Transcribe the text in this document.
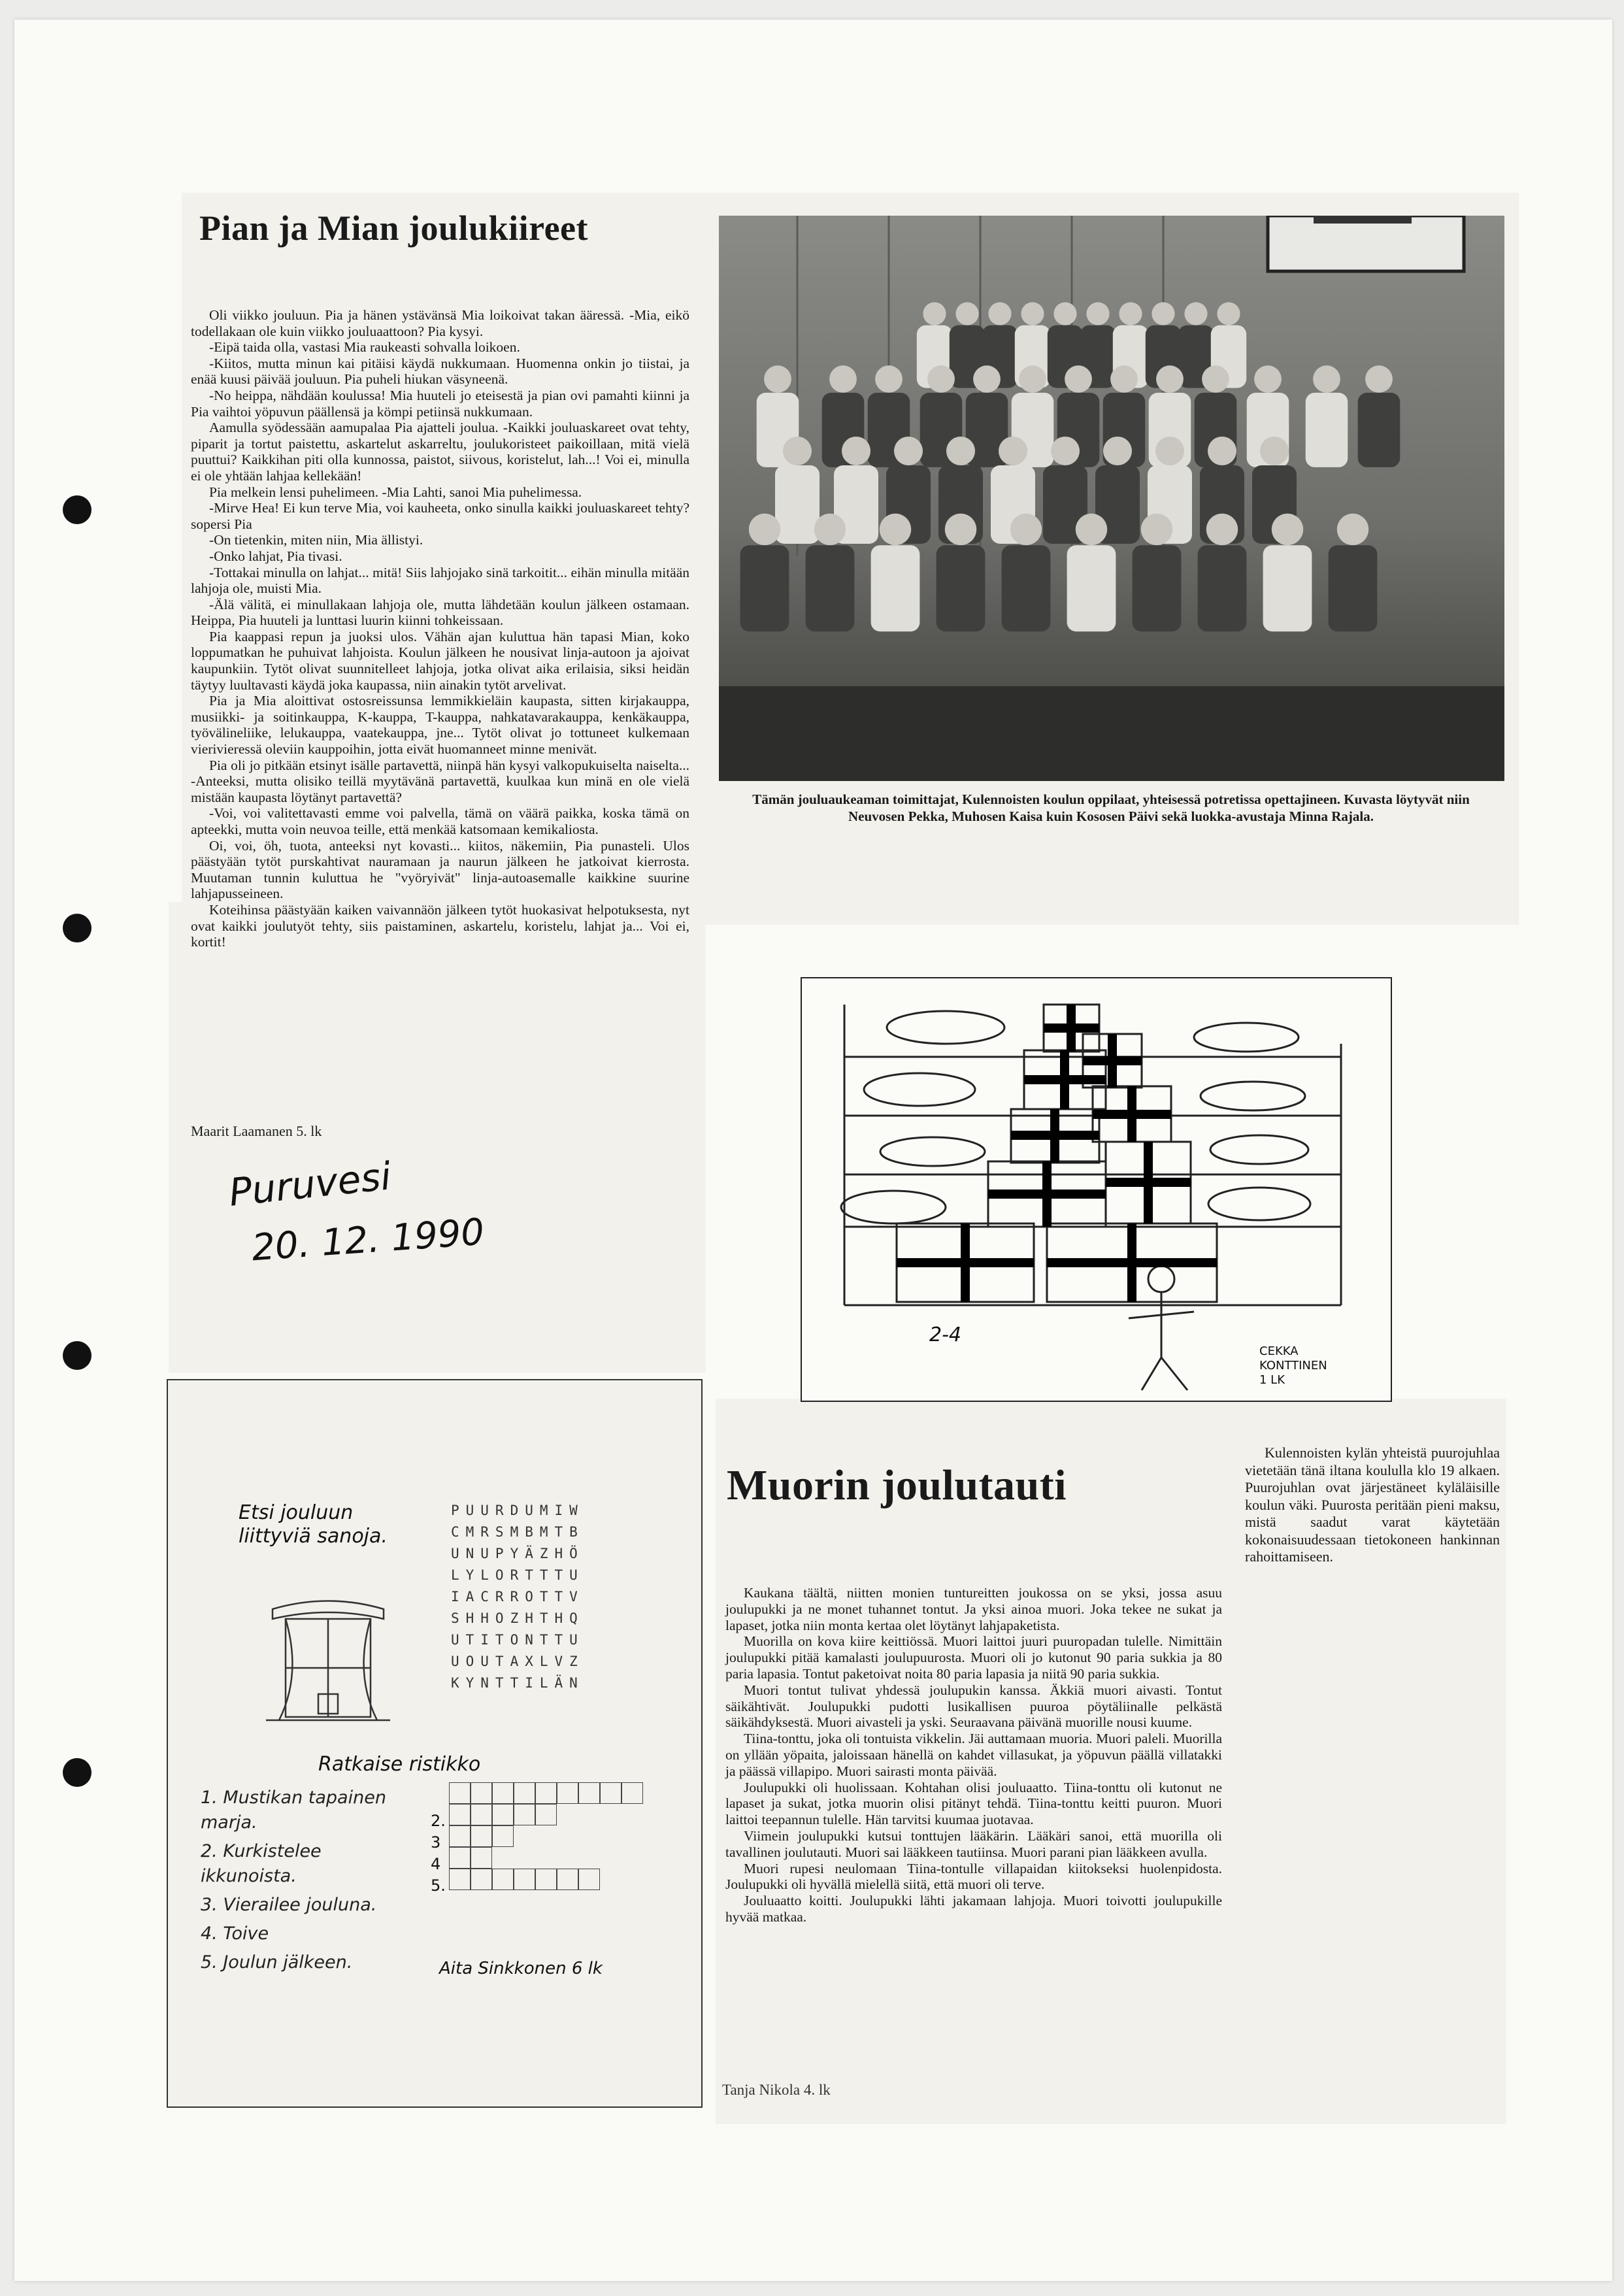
Pian ja Mian joulukiireet

Oli viikko jouluun. Pia ja hänen ystävänsä Mia loikoivat takan ääressä. -Mia, eikö todellakaan ole kuin viikko jouluaattoon? Pia kysyi.

-Eipä taida olla, vastasi Mia raukeasti sohvalla loikoen.

-Kiitos, mutta minun kai pitäisi käydä nukkumaan. Huomenna onkin jo tiistai, ja enää kuusi päivää jouluun. Pia puheli hiukan väsyneenä.

-No heippa, nähdään koulussa! Mia huuteli jo eteisestä ja pian ovi pamahti kiinni ja Pia vaihtoi yöpuvun päällensä ja kömpi petiinsä nukkumaan.

Aamulla syödessään aamupalaa Pia ajatteli joulua. -Kaikki jouluaskareet ovat tehty, piparit ja tortut paistettu, askartelut askarreltu, joulukoristeet paikoillaan, mitä vielä puuttui? Kaikkihan piti olla kunnossa, paistot, siivous, koristelut, lah...! Voi ei, minulla ei ole yhtään lahjaa kellekään!

Pia melkein lensi puhelimeen. -Mia Lahti, sanoi Mia puhelimessa.

-Mirve Hea! Ei kun terve Mia, voi kauheeta, onko sinulla kaikki jouluaskareet tehty? sopersi Pia

-On tietenkin, miten niin, Mia ällistyi.

-Onko lahjat, Pia tivasi.

-Tottakai minulla on lahjat... mitä! Siis lahjojako sinä tarkoitit... eihän minulla mitään lahjoja ole, muisti Mia.

-Älä välitä, ei minullakaan lahjoja ole, mutta lähdetään koulun jälkeen ostamaan. Heippa, Pia huuteli ja lunttasi luurin kiinni tohkeissaan.

Pia kaappasi repun ja juoksi ulos. Vähän ajan kuluttua hän tapasi Mian, koko loppumatkan he puhuivat lahjoista. Koulun jälkeen he nousivat linja-autoon ja ajoivat kaupunkiin. Tytöt olivat suunnitelleet lahjoja, jotka olivat aika erilaisia, siksi heidän täytyy luultavasti käydä joka kaupassa, niin ainakin tytöt arvelivat.

Pia ja Mia aloittivat ostosreissunsa lemmikkieläin kaupasta, sitten kirjakauppa, musiikki- ja soitinkauppa, K-kauppa, T-kauppa, nahkatavarakauppa, kenkäkauppa, työvälineliike, lelukauppa, vaatekauppa, jne... Tytöt olivat jo tottuneet kulkemaan vierivieressä oleviin kauppoihin, jotta eivät huomanneet minne menivät.

Pia oli jo pitkään etsinyt isälle partavettä, niinpä hän kysyi valkopukuiselta naiselta... -Anteeksi, mutta olisiko teillä myytävänä partavettä, kuulkaa kun minä en ole vielä mistään kaupasta löytänyt partavettä?

-Voi, voi valitettavasti emme voi palvella, tämä on väärä paikka, koska tämä on apteekki, mutta voin neuvoa teille, että menkää katsomaan kemikaliosta.

Oi, voi, öh, tuota, anteeksi nyt kovasti... kiitos, näkemiin, Pia punasteli. Ulos päästyään tytöt purskahtivat nauramaan ja naurun jälkeen he jatkoivat kierrosta. Muutaman tunnin kuluttua he "vyöryivät" linja-autoasemalle kaikkine suurine lahjapusseineen.

Koteihinsa päästyään kaiken vaivannäön jälkeen tytöt huokasivat helpotuksesta, nyt ovat kaikki joulutyöt tehty, siis paistaminen, askartelu, koristelu, lahjat ja... Voi ei, kortit!

Maarit Laamanen 5. lk
Puruvesi
20. 12. 1990
Tämän jouluaukeaman toimittajat, Kulennoisten koulun oppilaat, yhteisessä potretissa opettajineen. Kuvasta löytyvät niin Neuvosen Pekka, Muhosen Kaisa kuin Kososen Päivi sekä luokka-avustaja Minna Rajala.
2-4
CEKKA
KONTTINEN
1 LK
Etsi jouluun
liittyviä sanoja.
Ratkaise ristikko
2.
3
4
5.
1. Mustikan tapainen marja.
2. Kurkistelee ikkunoista.
3. Vierailee jouluna.
4. Toive
5. Joulun jälkeen.	Aita Sinkkonen 6 lk
PUURDUMIW
CMRSMBMTB
UNUPYÄZHÖ
LYLORTTTU
IACRROTTV
SHHOZHTHQ
UTITONTTU
UOUTAXLVZ
KYNTTILÄN
Muorin joulutauti

Kaukana täältä, niitten monien tuntureitten joukossa on se yksi, jossa asuu joulupukki ja ne monet tuhannet tontut. Ja yksi ainoa muori. Joka tekee ne sukat ja lapaset, jotka niin monta kertaa olet löytänyt lahjapaketista.

Muorilla on kova kiire keittiössä. Muori laittoi juuri puuropadan tulelle. Nimittäin joulupukki pitää kamalasti joulupuurosta. Muori oli jo kutonut 90 paria sukkia ja 80 paria lapasia. Tontut paketoivat noita 80 paria lapasia ja niitä 90 paria sukkia.

Muori tontut tulivat yhdessä joulupukin kanssa. Äkkiä muori aivasti. Tontut säikähtivät. Joulupukki pudotti lusikallisen puuroa pöytäliinalle pelkästä säikähdyksestä. Muori aivasteli ja yski. Seuraavana päivänä muorille nousi kuume.

Tiina-tonttu, joka oli tontuista vikkelin. Jäi auttamaan muoria. Muori paleli. Muorilla on yllään yöpaita, jaloissaan hänellä on kahdet villasukat, ja yöpuvun päällä villatakki ja päässä villapipo. Muori sairasti monta päivää.

Joulupukki oli huolissaan. Kohtahan olisi jouluaatto. Tiina-tonttu oli kutonut ne lapaset ja sukat, jotka muorin olisi pitänyt tehdä. Tiina-tonttu keitti puuron. Muori laittoi teepannun tulelle. Hän tarvitsi kuumaa juotavaa.

Viimein joulupukki kutsui tonttujen lääkärin. Lääkäri sanoi, että muorilla oli tavallinen joulutauti. Muori sai lääkkeen tautiinsa. Muori parani pian lääkkeen avulla.

Muori rupesi neulomaan Tiina-tontulle villapaidan kiitokseksi huolenpidosta. Joulupukki oli hyvällä mielellä siitä, että muori oli terve.

Jouluaatto koitti. Joulupukki lähti jakamaan lahjoja. Muori toivotti joulupukille hyvää matkaa.

Tanja Nikola 4. lk

Kulennoisten kylän yhteistä puurojuhlaa vietetään tänä iltana koululla klo 19 alkaen. Puurojuhlan ovat järjestäneet kyläläisille koulun väki. Puurosta peritään pieni maksu, mistä saadut varat käytetään kokonaisuudessaan tietokoneen hankinnan rahoittamiseen.
